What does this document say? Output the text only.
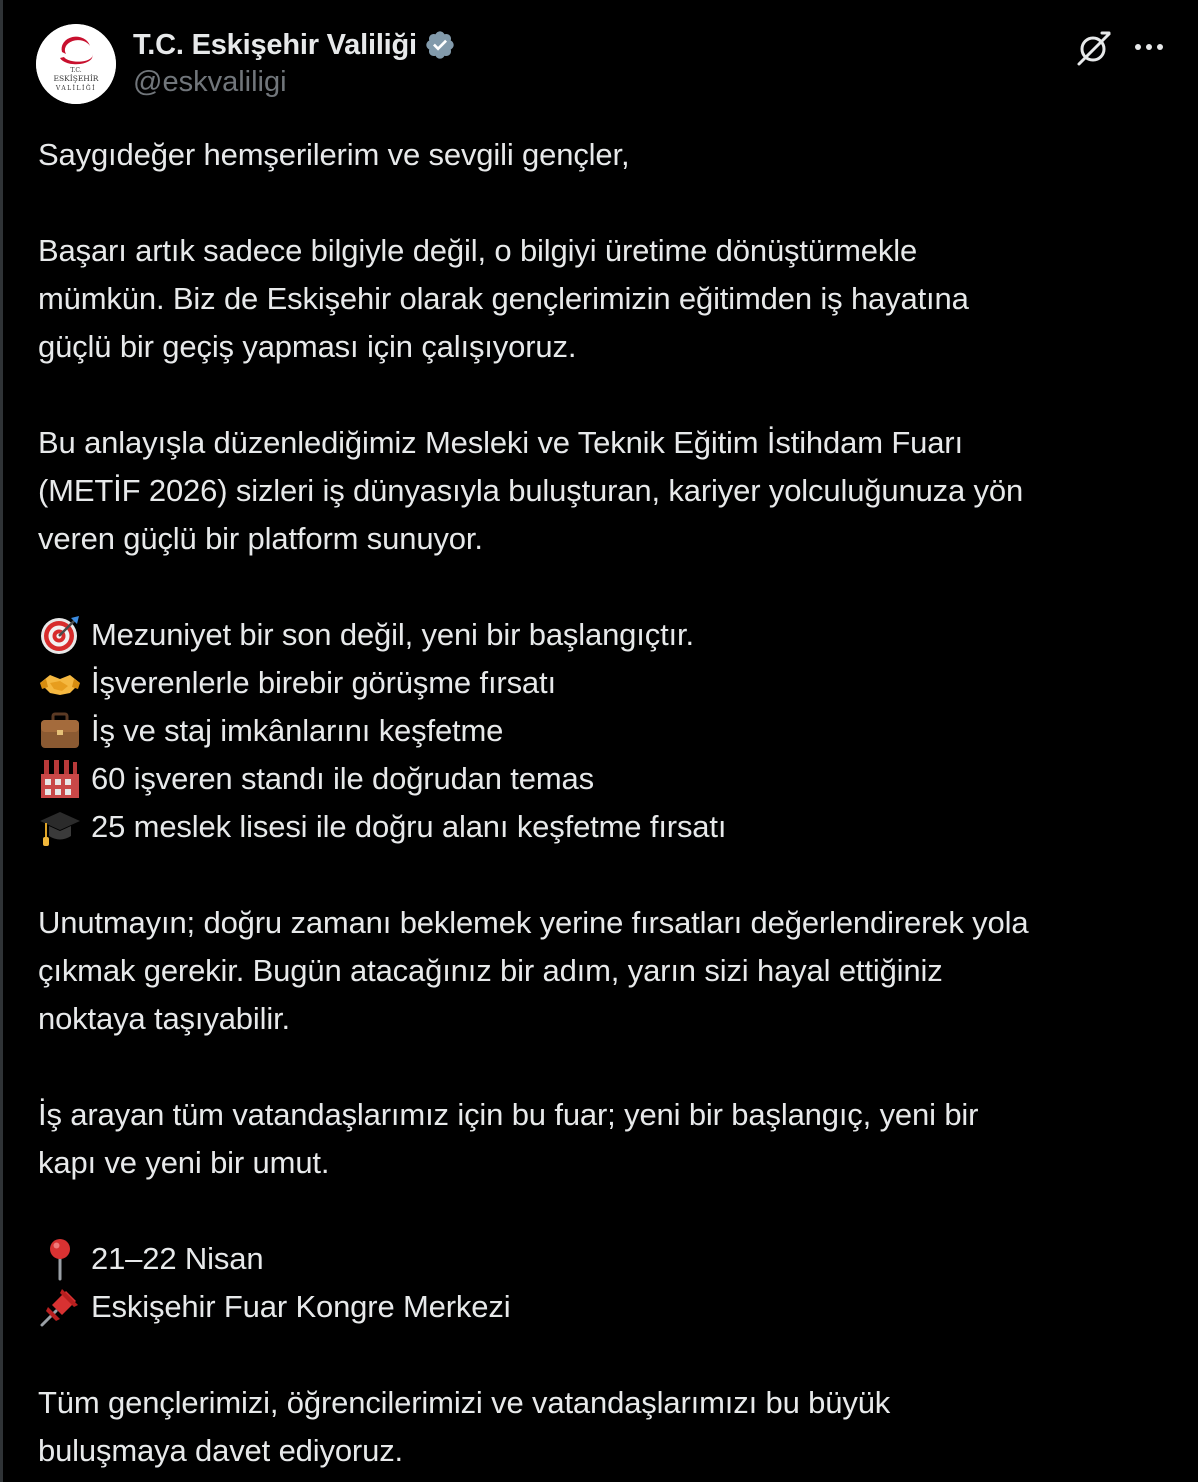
T.C.
ESKİŞEHİR
VALİLİĞİ
T.C. Eskişehir Valiliği
@eskvaliligi
Saygıdeğer hemşerilerim ve sevgili gençler,
Başarı artık sadece bilgiyle değil, o bilgiyi üretime dönüştürmekle
mümkün. Biz de Eskişehir olarak gençlerimizin eğitimden iş hayatına
güçlü bir geçiş yapması için çalışıyoruz.
Bu anlayışla düzenlediğimiz Mesleki ve Teknik Eğitim İstihdam Fuarı
(METİF 2026) sizleri iş dünyasıyla buluşturan, kariyer yolculuğunuza yön
veren güçlü bir platform sunuyor.
Mezuniyet bir son değil, yeni bir başlangıçtır.
İşverenlerle birebir görüşme fırsatı
İş ve staj imkânlarını keşfetme
60 işveren standı ile doğrudan temas
25 meslek lisesi ile doğru alanı keşfetme fırsatı
Unutmayın; doğru zamanı beklemek yerine fırsatları değerlendirerek yola
çıkmak gerekir. Bugün atacağınız bir adım, yarın sizi hayal ettiğiniz
noktaya taşıyabilir.
İş arayan tüm vatandaşlarımız için bu fuar; yeni bir başlangıç, yeni bir
kapı ve yeni bir umut.
21–22 Nisan
Eskişehir Fuar Kongre Merkezi
Tüm gençlerimizi, öğrencilerimizi ve vatandaşlarımızı bu büyük
buluşmaya davet ediyoruz.
